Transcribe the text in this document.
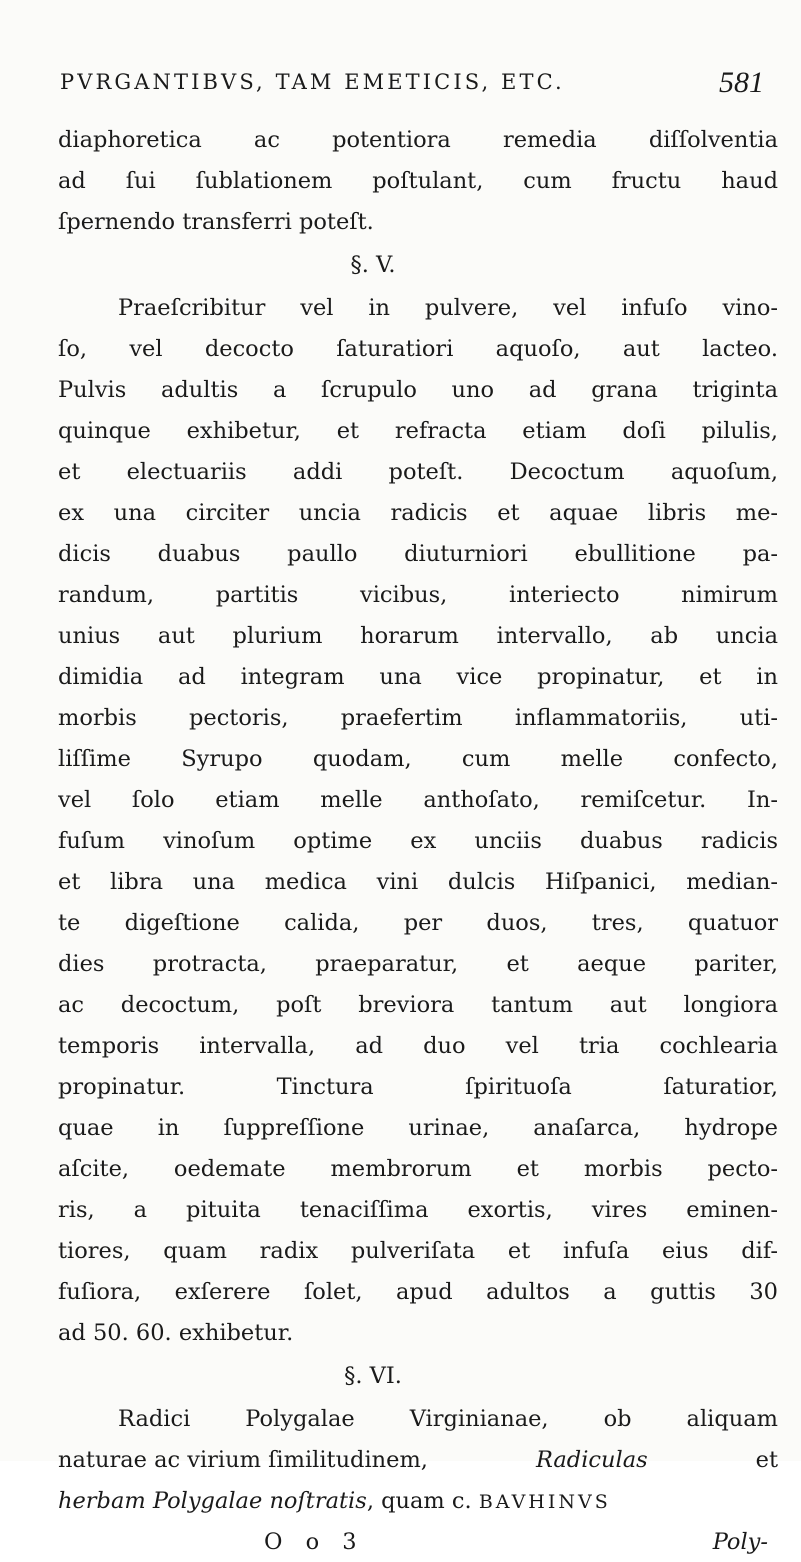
PVRGANTIBVS, TAM EMETICIS, ETC.	581
diaphoretica ac potentiora remedia diſſolventia
ad ſui ſublationem poſtulant, cum fructu haud
ſpernendo transferri poteſt.
§. V.
Praeſcribitur vel in pulvere, vel infuſo vino-
ſo, vel decocto ſaturatiori aquoſo, aut lacteo.
Pulvis adultis a ſcrupulo uno ad grana triginta
quinque exhibetur, et refracta etiam doſi pilulis,
et electuariis addi poteſt. Decoctum aquoſum,
ex una circiter uncia radicis et aquae libris me-
dicis duabus paullo diuturniori ebullitione pa-
randum, partitis vicibus, interiecto nimirum
unius aut plurium horarum intervallo, ab uncia
dimidia ad integram una vice propinatur, et in
morbis pectoris, praefertim inflammatoriis, uti-
liſſime Syrupo quodam, cum melle confecto,
vel ſolo etiam melle anthoſato, remiſcetur. In-
fuſum vinoſum optime ex unciis duabus radicis
et libra una medica vini dulcis Hiſpanici, median-
te digeſtione calida, per duos, tres, quatuor
dies protracta, praeparatur, et aeque pariter,
ac decoctum, poſt breviora tantum aut longiora
temporis intervalla, ad duo vel tria cochlearia
propinatur. Tinctura ſpirituoſa ſaturatior,
quae in ſuppreſſione urinae, anaſarca, hydrope
aſcite, oedemate membrorum et morbis pecto-
ris, a pituita tenaciſſima exortis, vires eminen-
tiores, quam radix pulveriſata et infuſa eius dif-
fuſiora, exſerere ſolet, apud adultos a guttis 30
ad 50. 60. exhibetur.
§. VI.
Radici Polygalae Virginianae, ob aliquam
naturae ac virium ſimilitudinem,	Radiculas	et
herbam Polygalae noſtratis, quam c. BAVHINVS
O o 3	Poly-
